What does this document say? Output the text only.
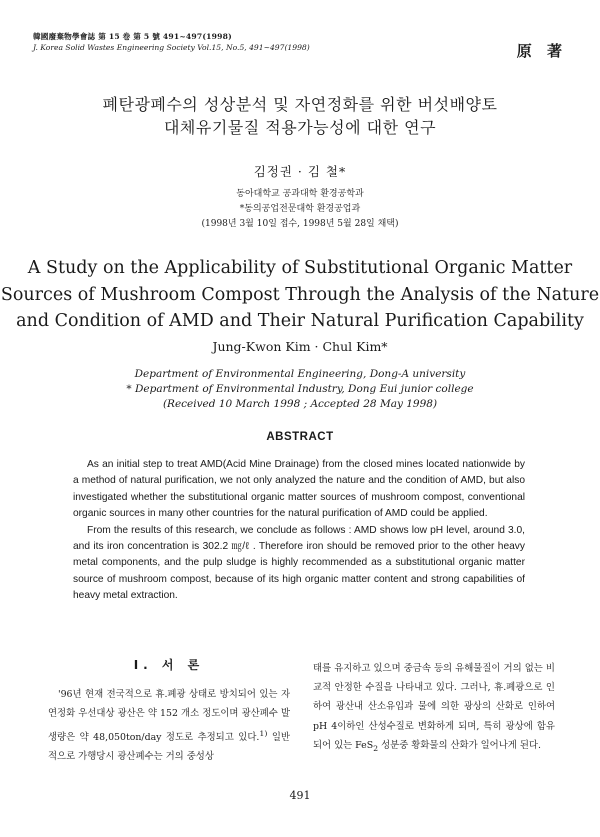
韓國廢棄物學會誌 第 15 卷 第 5 號 491~497(1998)
J. Korea Solid Wastes Engineering Society Vol.15, No.5, 491~497(1998)	原 著
폐탄광폐수의 성상분석 및 자연정화를 위한 버섯배양토
대체유기물질 적용가능성에 대한 연구
김정권 · 김 철*
동아대학교 공과대학 환경공학과
*동의공업전문대학 환경공업과
(1998년 3월 10일 접수, 1998년 5월 28일 채택)
A Study on the Applicability of Substitutional Organic Matter
Sources of Mushroom Compost Through the Analysis of the Nature
and Condition of AMD and Their Natural Purification Capability
Jung-Kwon Kim · Chul Kim*
Department of Environmental Engineering, Dong-A university
* Department of Environmental Industry, Dong Eui junior college
(Received 10 March 1998 ; Accepted 28 May 1998)
ABSTRACT

As an initial step to treat AMD(Acid Mine Drainage) from the closed mines located nationwide by a method of natural purification, we not only analyzed the nature and the condition of AMD, but also investigated whether the substitutional organic matter sources of mushroom compost, conventional organic sources in many other countries for the natural purification of AMD could be applied.

From the results of this research, we conclude as follows : AMD shows low pH level, around 3.0, and its iron concentration is 302.2 ㎎/ℓ . Therefore iron should be removed prior to the other heavy metal components, and the pulp sludge is highly recommended as a substitutional organic matter source of mushroom compost, because of its high organic matter content and strong capabilities of heavy metal extraction.

Ⅰ. 서 론

'96년 현재 전국적으로 휴.폐광 상태로 방치되어 있는 자연정화 우선대상 광산은 약 152 개소 정도이며 광산폐수 발생량은 약 48,050ton/day 정도로 추정되고 있다.$^{1)}$ 일반적으로 가행당시 광산폐수는 거의 중성상

태를 유지하고 있으며 중금속 등의 유해물질이 거의 없는 비교적 안정한 수질을 나타내고 있다. 그러나, 휴.폐광으로 인하여 광산내 산소유입과 물에 의한 광상의 산화로 인하여 pH 4이하인 산성수질로 변화하게 되며, 특히 광상에 함유되어 있는 FeS$_2$ 성분중 황화물의 산화가 일어나게 된다.

491
